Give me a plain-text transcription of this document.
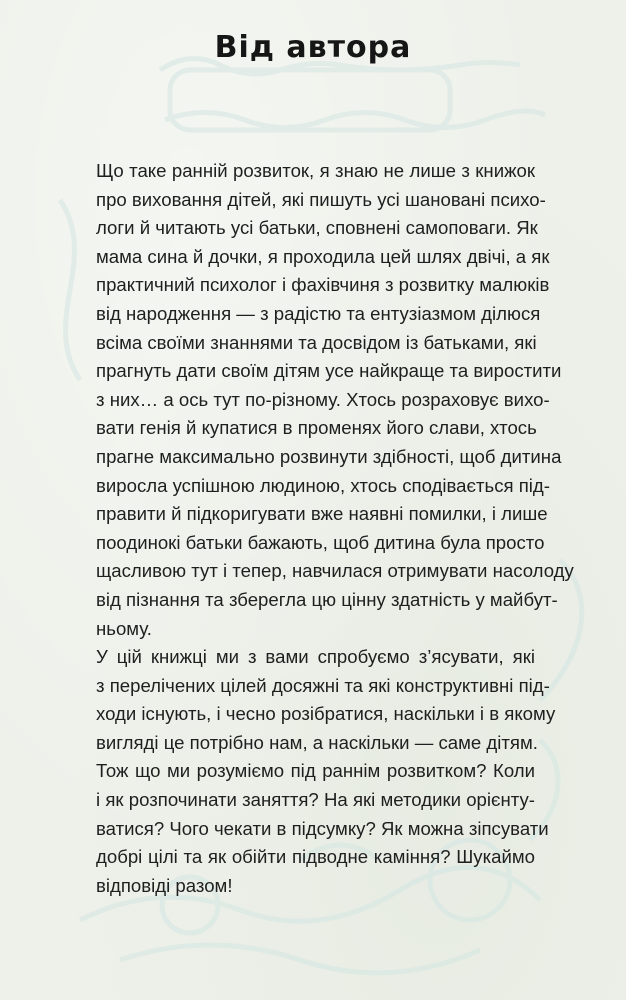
Від автора
Що таке ранній розвиток, я знаю не лише з книжок
про виховання дітей, які пишуть усі шановані психо-
логи й читають усі батьки, сповнені самоповаги. Як
мама сина й дочки, я проходила цей шлях двічі, а як
практичний психолог і фахівчиня з розвитку малюків
від народження — з радістю та ентузіазмом ділюся
всіма своїми знаннями та досвідом із батьками, які
прагнуть дати своїм дітям усе найкраще та виростити
з них… а ось тут по-різному. Хтось розраховує вихо-
вати генія й купатися в променях його слави, хтось
прагне максимально розвинути здібності, щоб дитина
виросла успішною людиною, хтось сподівається під-
правити й підкоригувати вже наявні помилки, і лише
поодинокі батьки бажають, щоб дитина була просто
щасливою тут і тепер, навчилася отримувати насолоду
від пізнання та зберегла цю цінну здатність у майбут-
ньому.
У цій книжці ми з вами спробуємо з’ясувати, які
з перелічених цілей досяжні та які конструктивні під-
ходи існують, і чесно розібратися, наскільки і в якому
вигляді це потрібно нам, а наскільки — саме дітям.
Тож що ми розуміємо під раннім розвитком? Коли
і як розпочинати заняття? На які методики орієнту-
ватися? Чого чекати в підсумку? Як можна зіпсувати
добрі цілі та як обійти підводне каміння? Шукаймо
відповіді разом!
